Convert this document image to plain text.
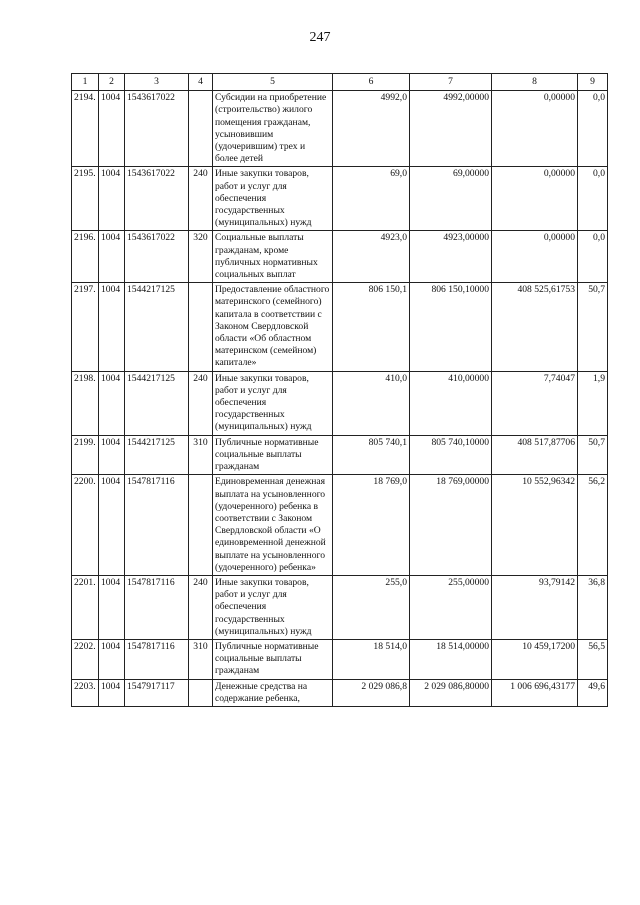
247
1	2	3	4	5	6	7	8	9
2194.	1004	1543617022		Субсидии на приобретение (строительство) жилого помещения гражданам, усыновившим (удочерившим) трех и более детей	4992,0	4992,00000	0,00000	0,0
2195.	1004	1543617022	240	Иные закупки товаров, работ и услуг для обеспечения государственных (муниципальных) нужд	69,0	69,00000	0,00000	0,0
2196.	1004	1543617022	320	Социальные выплаты гражданам, кроме публичных нормативных социальных выплат	4923,0	4923,00000	0,00000	0,0
2197.	1004	1544217125		Предоставление областного материнского (семейного) капитала в соответствии с Законом Свердловской области «Об областном материнском (семейном) капитале»	806 150,1	806 150,10000	408 525,61753	50,7
2198.	1004	1544217125	240	Иные закупки товаров, работ и услуг для обеспечения государственных (муниципальных) нужд	410,0	410,00000	7,74047	1,9
2199.	1004	1544217125	310	Публичные нормативные социальные выплаты гражданам	805 740,1	805 740,10000	408 517,87706	50,7
2200.	1004	1547817116		Единовременная денежная выплата на усыновленного (удочеренного) ребенка в соответствии с Законом Свердловской области «О единовременной денежной выплате на усыновленного (удочеренного) ребенка»	18 769,0	18 769,00000	10 552,96342	56,2
2201.	1004	1547817116	240	Иные закупки товаров, работ и услуг для обеспечения государственных (муниципальных) нужд	255,0	255,00000	93,79142	36,8
2202.	1004	1547817116	310	Публичные нормативные социальные выплаты гражданам	18 514,0	18 514,00000	10 459,17200	56,5
2203.	1004	1547917117		Денежные средства на содержание ребенка,	2 029 086,8	2 029 086,80000	1 006 696,43177	49,6
